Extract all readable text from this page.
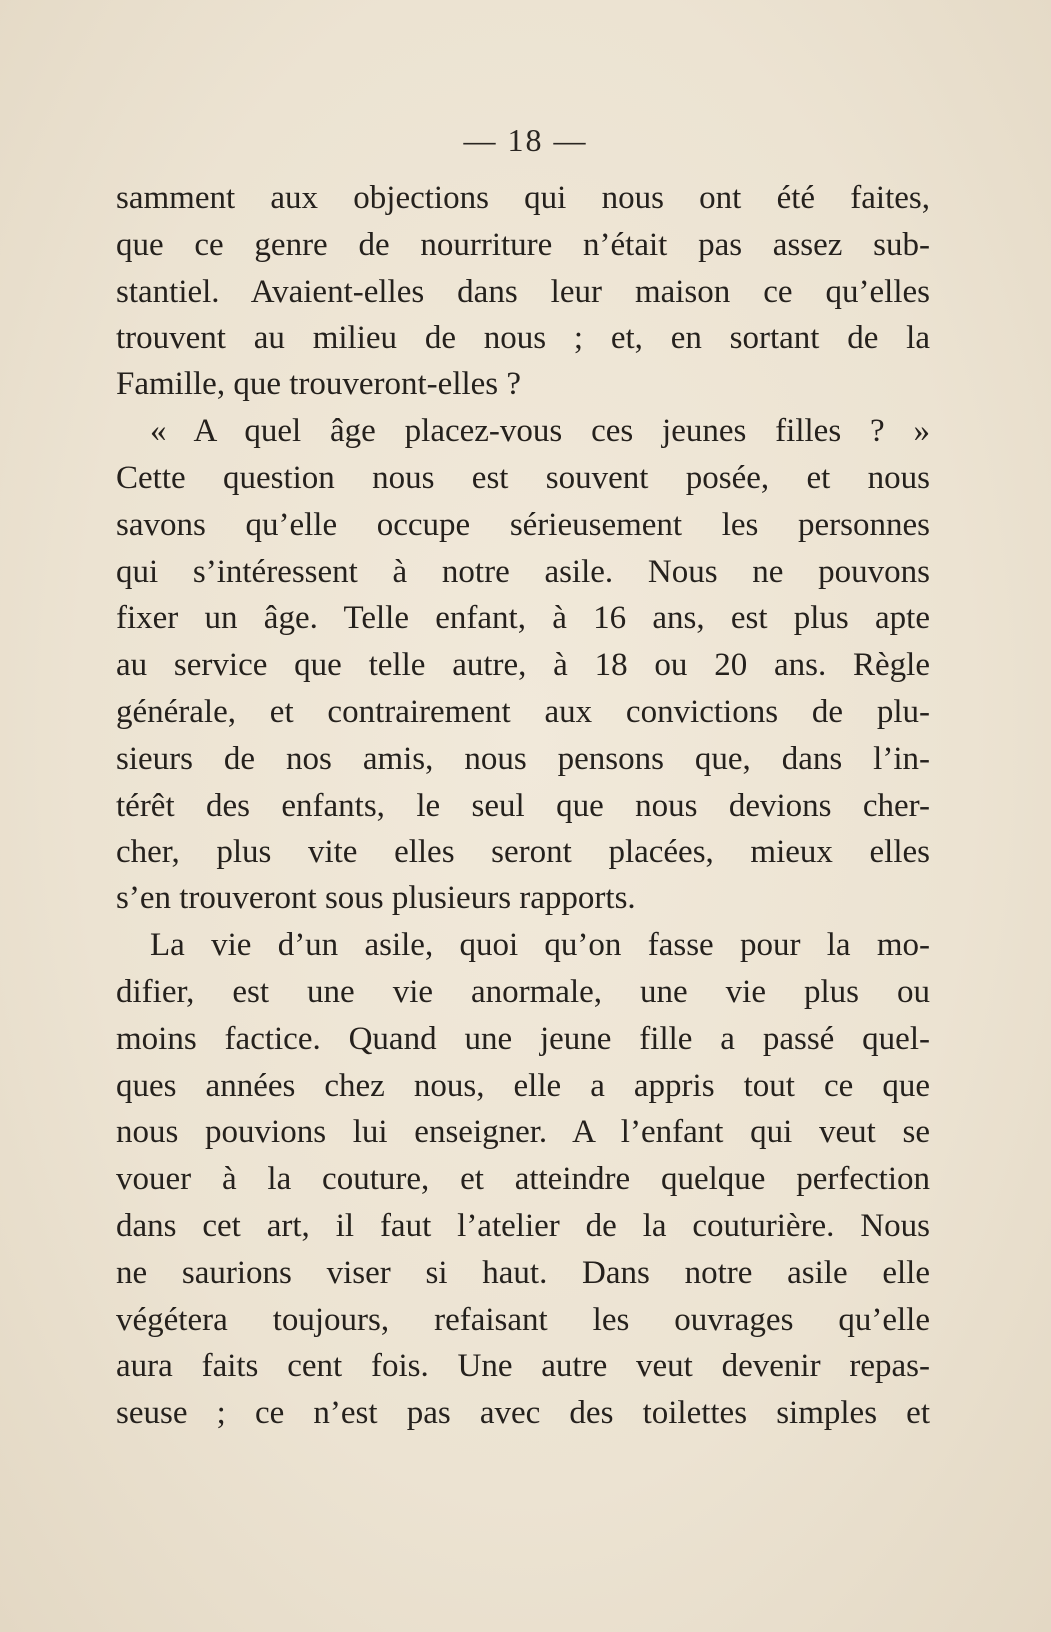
— 18 —
samment aux objections qui nous ont été faites,
que ce genre de nourriture n’était pas assez sub-
stantiel. Avaient-elles dans leur maison ce qu’elles
trouvent au milieu de nous ; et, en sortant de la
Famille, que trouveront-elles ?
« A quel âge placez-vous ces jeunes filles ? »
Cette question nous est souvent posée, et nous
savons qu’elle occupe sérieusement les personnes
qui s’intéressent à notre asile. Nous ne pouvons
fixer un âge. Telle enfant, à 16 ans, est plus apte
au service que telle autre, à 18 ou 20 ans. Règle
générale, et contrairement aux convictions de plu-
sieurs de nos amis, nous pensons que, dans l’in-
térêt des enfants, le seul que nous devions cher-
cher, plus vite elles seront placées, mieux elles
s’en trouveront sous plusieurs rapports.
La vie d’un asile, quoi qu’on fasse pour la mo-
difier, est une vie anormale, une vie plus ou
moins factice. Quand une jeune fille a passé quel-
ques années chez nous, elle a appris tout ce que
nous pouvions lui enseigner. A l’enfant qui veut se
vouer à la couture, et atteindre quelque perfection
dans cet art, il faut l’atelier de la couturière. Nous
ne saurions viser si haut. Dans notre asile elle
végétera toujours, refaisant les ouvrages qu’elle
aura faits cent fois. Une autre veut devenir repas-
seuse ; ce n’est pas avec des toilettes simples et
